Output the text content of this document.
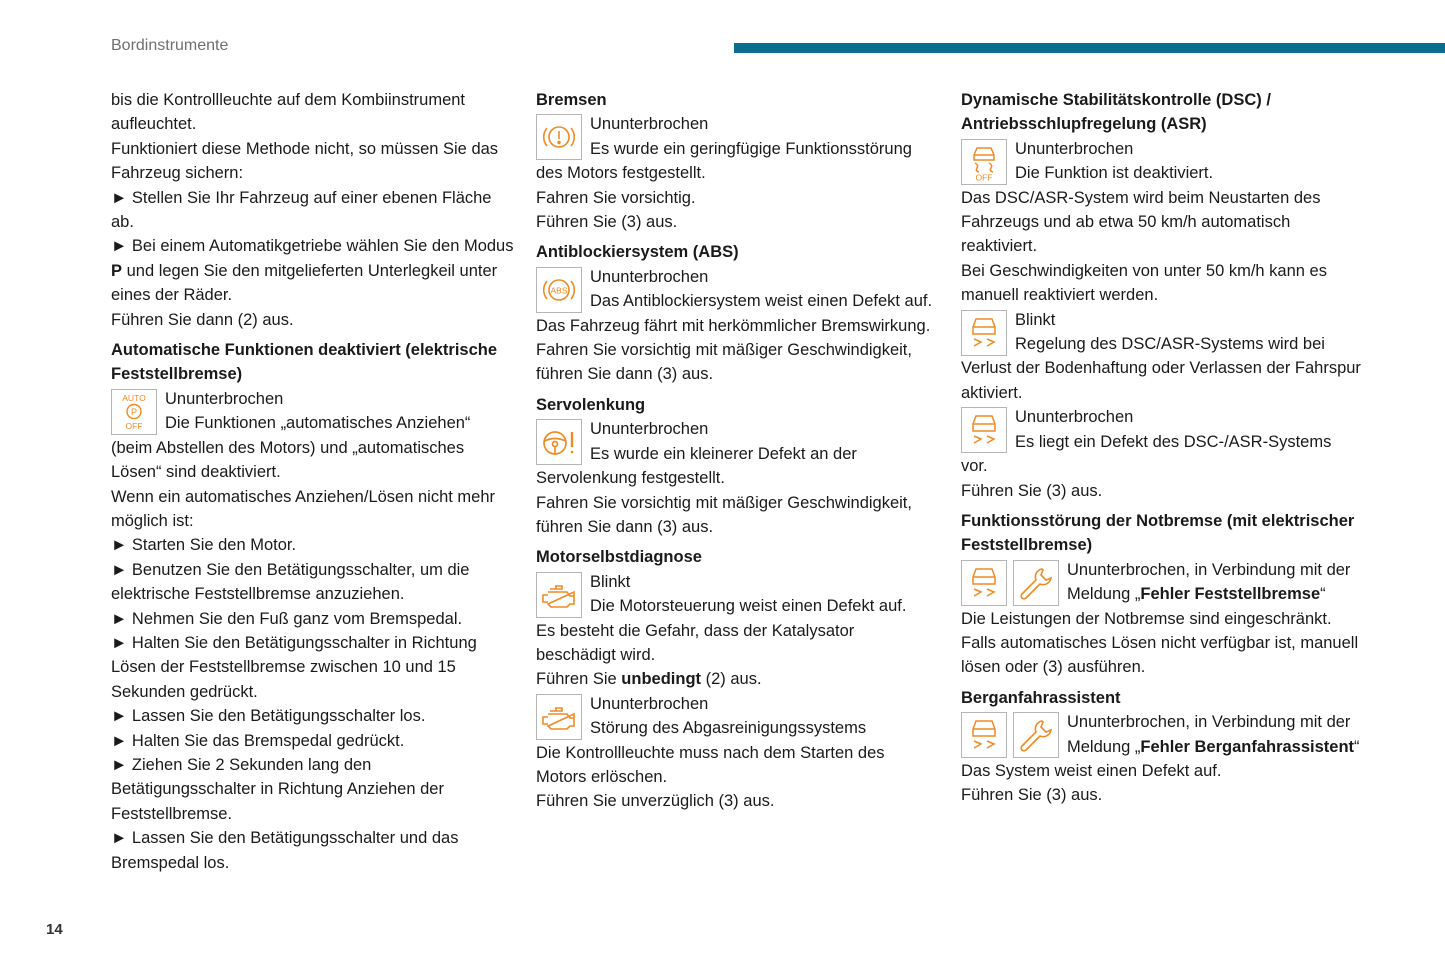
Bordinstrumente

bis die Kontrollleuchte auf dem Kombiinstrument aufleuchtet.

Funktioniert diese Methode nicht, so müssen Sie das Fahrzeug sichern:

► Stellen Sie Ihr Fahrzeug auf einer ebenen Fläche ab.

► Bei einem Automatikgetriebe wählen Sie den Modus P und legen Sie den mitgelieferten Unterlegkeil unter eines der Räder.

Führen Sie dann (2) aus.

Automatische Funktionen deaktiviert (elektrische Feststellbremse)

AUTO
P
OFF

Ununterbrochen

Die Funktionen „automatisches Anziehen“ (beim Abstellen des Motors) und „automatisches Lösen“ sind deaktiviert.

Wenn ein automatisches Anziehen/Lösen nicht mehr möglich ist:

► Starten Sie den Motor.

► Benutzen Sie den Betätigungsschalter, um die elektrische Feststellbremse anzuziehen.

► Nehmen Sie den Fuß ganz vom Bremspedal.

► Halten Sie den Betätigungsschalter in Richtung Lösen der Feststellbremse zwischen 10 und 15 Sekunden gedrückt.

► Lassen Sie den Betätigungsschalter los.

► Halten Sie das Bremspedal gedrückt.

► Ziehen Sie 2 Sekunden lang den Betätigungsschalter in Richtung Anziehen der Feststellbremse.

► Lassen Sie den Betätigungsschalter und das Bremspedal los.

Bremsen

Ununterbrochen

Es wurde ein geringfügige Funktionsstörung des Motors festgestellt.

Fahren Sie vorsichtig.

Führen Sie (3) aus.

Antiblockiersystem (ABS)

ABS

Ununterbrochen

Das Antiblockiersystem weist einen Defekt auf.

Das Fahrzeug fährt mit herkömmlicher Bremswirkung.

Fahren Sie vorsichtig mit mäßiger Geschwindigkeit, führen Sie dann (3) aus.

Servolenkung

Ununterbrochen

Es wurde ein kleinerer Defekt an der Servolenkung festgestellt.

Fahren Sie vorsichtig mit mäßiger Geschwindigkeit, führen Sie dann (3) aus.

Motorselbstdiagnose

Blinkt

Die Motorsteuerung weist einen Defekt auf.

Es besteht die Gefahr, dass der Katalysator beschädigt wird.

Führen Sie unbedingt (2) aus.

Ununterbrochen

Störung des Abgasreinigungssystems

Die Kontrollleuchte muss nach dem Starten des Motors erlöschen.

Führen Sie unverzüglich (3) aus.

Dynamische Stabilitätskontrolle (DSC) / Antriebsschlupfregelung (ASR)

OFF

Ununterbrochen

Die Funktion ist deaktiviert.

Das DSC/ASR-System wird beim Neustarten des Fahrzeugs und ab etwa 50 km/h automatisch reaktiviert.

Bei Geschwindigkeiten von unter 50 km/h kann es manuell reaktiviert werden.

Blinkt

Regelung des DSC/ASR-Systems wird bei Verlust der Bodenhaftung oder Verlassen der Fahrspur aktiviert.

Ununterbrochen

Es liegt ein Defekt des DSC-/ASR-Systems vor.

Führen Sie (3) aus.

Funktionsstörung der Notbremse (mit elektrischer Feststellbremse)

Ununterbrochen, in Verbindung mit der Meldung „Fehler Feststellbremse“

Die Leistungen der Notbremse sind eingeschränkt.

Falls automatisches Lösen nicht verfügbar ist, manuell lösen oder (3) ausführen.

Berganfahrassistent

Ununterbrochen, in Verbindung mit der Meldung „Fehler Berganfahrassistent“

Das System weist einen Defekt auf.

Führen Sie (3) aus.

14
